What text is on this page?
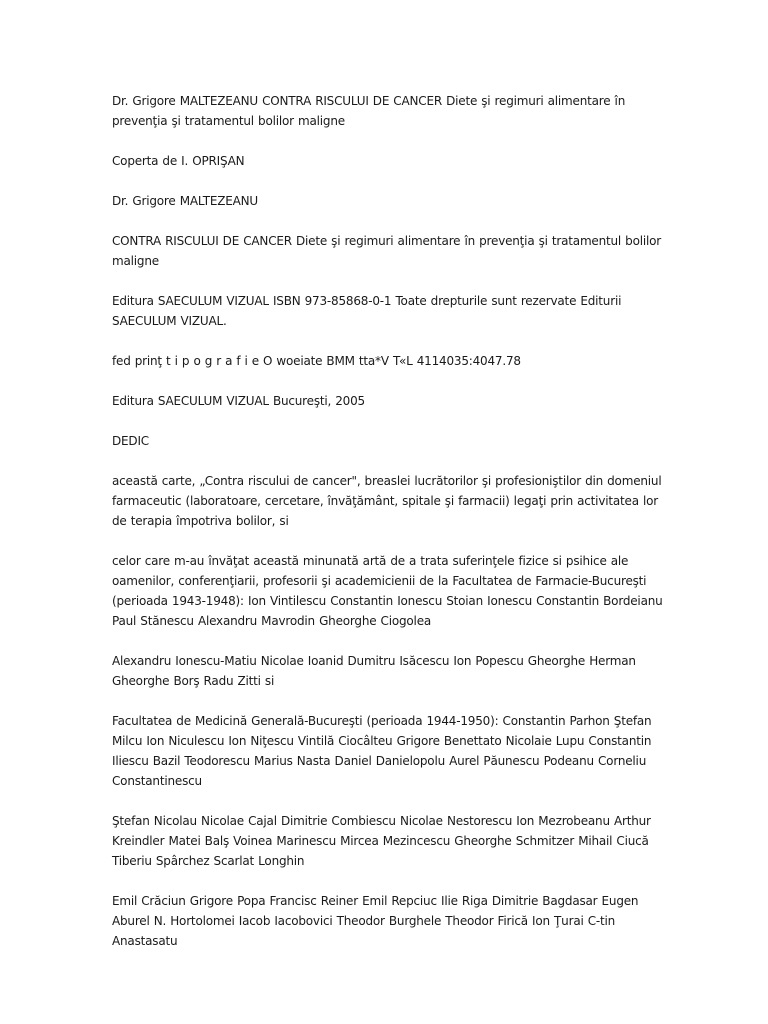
Dr. Grigore MALTEZEANU CONTRA RISCULUI DE CANCER Diete şi regimuri alimentare în prevenţia şi tratamentul bolilor maligne

Coperta de I. OPRIŞAN

Dr. Grigore MALTEZEANU

CONTRA RISCULUI DE CANCER Diete şi regimuri alimentare în prevenţia şi tratamentul bolilor maligne

Editura SAECULUM VIZUAL ISBN 973-85868-0-1 Toate drepturile sunt rezervate Editurii SAECULUM VIZUAL.

fed prinţ t i p o g r a f i e O woeiate BMM tta*V T«L 4114035:4047.78

Editura SAECULUM VIZUAL Bucureşti, 2005

DEDIC

această carte, „Contra riscului de cancer", breaslei lucrătorilor şi profesioniştilor din domeniul farmaceutic (laboratoare, cercetare, învăţământ, spitale şi farmacii) legaţi prin activitatea lor de terapia împotriva bolilor, si

celor care m-au învăţat această minunată artă de a trata suferinţele fizice si psihice ale oamenilor, conferenţiarii, profesorii şi academicienii de la Facultatea de Farmacie-Bucureşti (perioada 1943-1948): Ion Vintilescu Constantin Ionescu Stoian Ionescu Constantin Bordeianu Paul Stănescu Alexandru Mavrodin Gheorghe Ciogolea

Alexandru Ionescu-Matiu Nicolae Ioanid Dumitru Isăcescu Ion Popescu Gheorghe Herman Gheorghe Borş Radu Zitti si

Facultatea de Medicină Generală-Bucureşti (perioada 1944-1950): Constantin Parhon Ştefan Milcu Ion Niculescu Ion Niţescu Vintilă Ciocâlteu Grigore Benettato Nicolaie Lupu Constantin Iliescu Bazil Teodorescu Marius Nasta Daniel Danielopolu Aurel Păunescu Podeanu Corneliu Constantinescu

Ştefan Nicolau Nicolae Cajal Dimitrie Combiescu Nicolae Nestorescu Ion Mezrobeanu Arthur Kreindler Matei Balş Voinea Marinescu Mircea Mezincescu Gheorghe Schmitzer Mihail Ciucă Tiberiu Spârchez Scarlat Longhin

Emil Crăciun Grigore Popa Francisc Reiner Emil Repciuc Ilie Riga Dimitrie Bagdasar Eugen Aburel N. Hortolomei Iacob Iacobovici Theodor Burghele Theodor Firică Ion Ţurai C-tin Anastasatu
